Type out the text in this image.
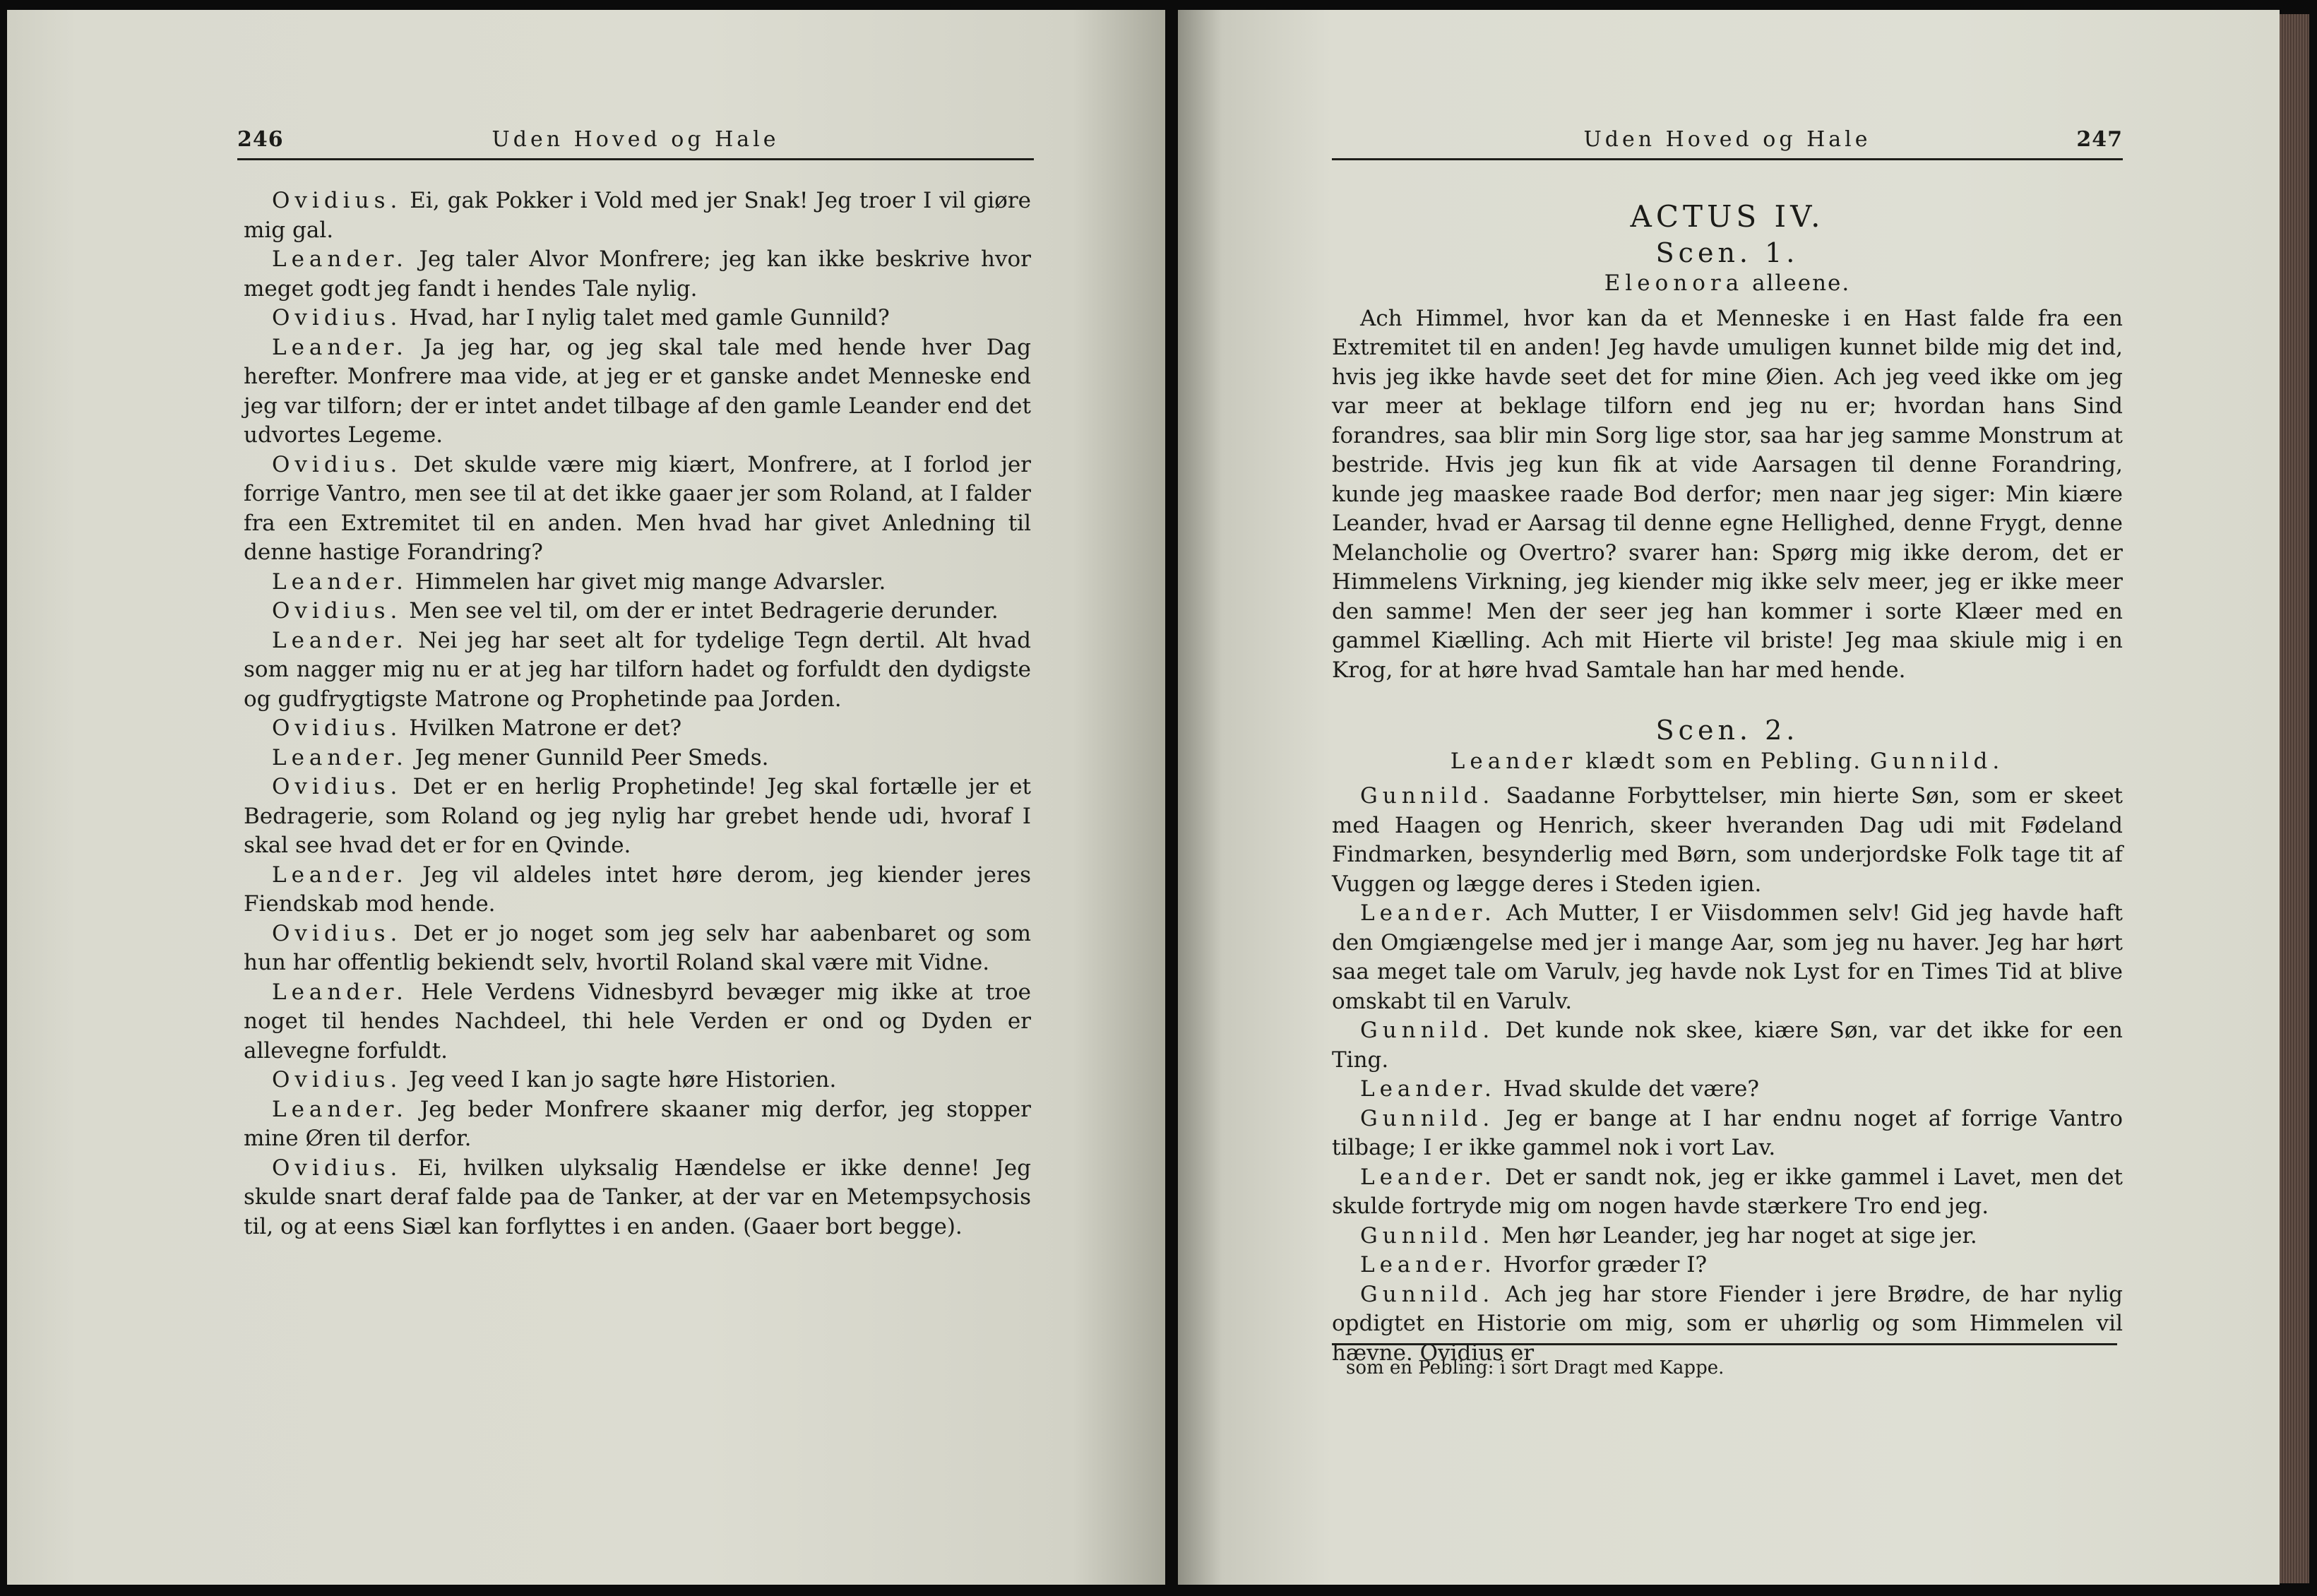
246	Uden Hoved og Hale

Ovidius. Ei, gak Pokker i Vold med jer Snak! Jeg troer I vil giøre mig gal.

Leander. Jeg taler Alvor Monfrere; jeg kan ikke beskrive hvor meget godt jeg fandt i hendes Tale nylig.

Ovidius. Hvad, har I nylig talet med gamle Gunnild?

Leander. Ja jeg har, og jeg skal tale med hende hver Dag herefter. Monfrere maa vide, at jeg er et ganske andet Menneske end jeg var tilforn; der er intet andet tilbage af den gamle Leander end det udvortes Legeme.

Ovidius. Det skulde være mig kiært, Monfrere, at I forlod jer forrige Vantro, men see til at det ikke gaaer jer som Roland, at I falder fra een Extremitet til en anden. Men hvad har givet Anledning til denne hastige Forandring?

Leander. Himmelen har givet mig mange Advarsler.

Ovidius. Men see vel til, om der er intet Bedragerie derunder.

Leander. Nei jeg har seet alt for tydelige Tegn dertil. Alt hvad som nagger mig nu er at jeg har tilforn hadet og forfuldt den dydigste og gudfrygtigste Matrone og Prophetinde paa Jorden.

Ovidius. Hvilken Matrone er det?

Leander. Jeg mener Gunnild Peer Smeds.

Ovidius. Det er en herlig Prophetinde! Jeg skal fortælle jer et Bedragerie, som Roland og jeg nylig har grebet hende udi, hvoraf I skal see hvad det er for en Qvinde.

Leander. Jeg vil aldeles intet høre derom, jeg kiender jeres Fiendskab mod hende.

Ovidius. Det er jo noget som jeg selv har aabenbaret og som hun har offentlig bekiendt selv, hvortil Roland skal være mit Vidne.

Leander. Hele Verdens Vidnesbyrd bevæger mig ikke at troe noget til hendes Nachdeel, thi hele Verden er ond og Dyden er allevegne forfuldt.

Ovidius. Jeg veed I kan jo sagte høre Historien.

Leander. Jeg beder Monfrere skaaner mig derfor, jeg stopper mine Øren til derfor.

Ovidius. Ei, hvilken ulyksalig Hændelse er ikke denne! Jeg skulde snart deraf falde paa de Tanker, at der var en Metempsychosis til, og at eens Siæl kan forflyttes i en anden. (Gaaer bort begge).

Uden Hoved og Hale	247

ACTUS IV.

Scen. 1.

Eleonora alleene.

Ach Himmel, hvor kan da et Menneske i en Hast falde fra een Extremitet til en anden! Jeg havde umuligen kunnet bilde mig det ind, hvis jeg ikke havde seet det for mine Øien. Ach jeg veed ikke om jeg var meer at beklage tilforn end jeg nu er; hvordan hans Sind forandres, saa blir min Sorg lige stor, saa har jeg samme Monstrum at bestride. Hvis jeg kun fik at vide Aarsagen til denne Forandring, kunde jeg maaskee raade Bod derfor; men naar jeg siger: Min kiære Leander, hvad er Aarsag til denne egne Hellighed, denne Frygt, denne Melancholie og Overtro? svarer han: Spørg mig ikke derom, det er Himmelens Virkning, jeg kiender mig ikke selv meer, jeg er ikke meer den samme! Men der seer jeg han kommer i sorte Klæer med en gammel Kiælling. Ach mit Hierte vil briste! Jeg maa skiule mig i en Krog, for at høre hvad Samtale han har med hende.

Scen. 2.

Leander klædt som en Pebling. Gunnild.

Gunnild. Saadanne Forbyttelser, min hierte Søn, som er skeet med Haagen og Henrich, skeer hveranden Dag udi mit Fødeland Findmarken, besynderlig med Børn, som underjordske Folk tage tit af Vuggen og lægge deres i Steden igien.

Leander. Ach Mutter, I er Viisdommen selv! Gid jeg havde haft den Omgiængelse med jer i mange Aar, som jeg nu haver. Jeg har hørt saa meget tale om Varulv, jeg havde nok Lyst for en Times Tid at blive omskabt til en Varulv.

Gunnild. Det kunde nok skee, kiære Søn, var det ikke for een Ting.

Leander. Hvad skulde det være?

Gunnild. Jeg er bange at I har endnu noget af forrige Vantro tilbage; I er ikke gammel nok i vort Lav.

Leander. Det er sandt nok, jeg er ikke gammel i Lavet, men det skulde fortryde mig om nogen havde stærkere Tro end jeg.

Gunnild. Men hør Leander, jeg har noget at sige jer.

Leander. Hvorfor græder I?

Gunnild. Ach jeg har store Fiender i jere Brødre, de har nylig opdigtet en Historie om mig, som er uhørlig og som Himmelen vil hævne. Ovidius er

som en Pebling: i sort Dragt med Kappe.
